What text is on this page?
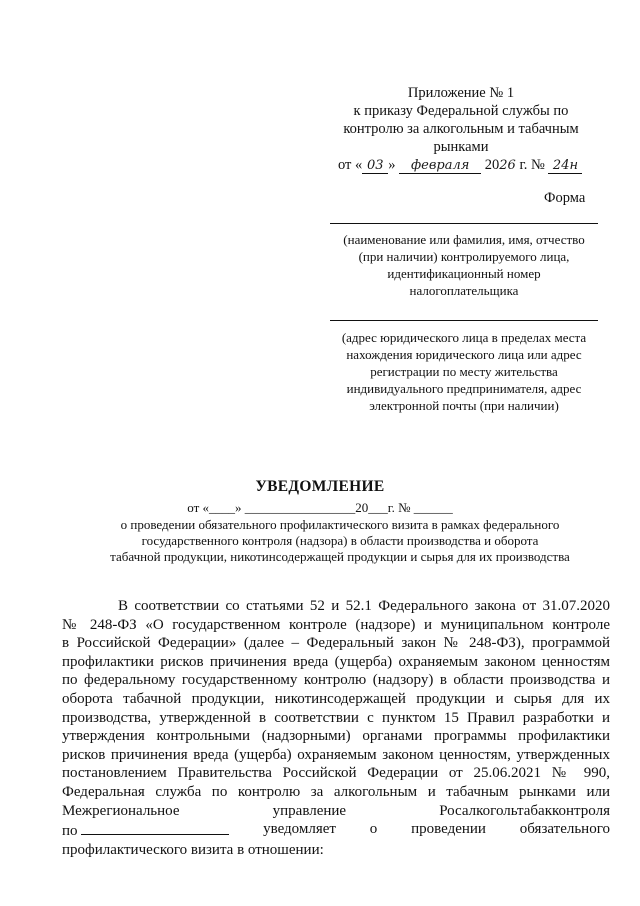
Приложение № 1
к приказу Федеральной службы по
контролю за алкогольным и табачным
рынками
от « 03 » февраля 2026 г. № 24н
Форма
(наименование или фамилия, имя, отчество
(при наличии) контролируемого лица,
идентификационный номер
налогоплательщика
(адрес юридического лица в пределах места
нахождения юридического лица или адрес
регистрации по месту жительства
индивидуального предпринимателя, адрес
электронной почты (при наличии)
УВЕДОМЛЕНИЕ
от «____» _________________20___г. № ______
о проведении обязательного профилактического визита в рамках федерального
государственного контроля (надзора) в области производства и оборота
табачной продукции, никотинсодержащей продукции и сырья для их производства
В соответствии со статьями 52 и 52.1 Федерального закона от 31.07.2020
№ 248-ФЗ «О государственном контроле (надзоре) и муниципальном контроле
в Российской Федерации» (далее – Федеральный закон № 248-ФЗ), программой
профилактики рисков причинения вреда (ущерба) охраняемым законом ценностям
по федеральному государственному контролю (надзору) в области производства и
оборота табачной продукции, никотинсодержащей продукции и сырья для их
производства, утвержденной в соответствии с пунктом 15 Правил разработки и
утверждения контрольными (надзорными) органами программы профилактики
рисков причинения вреда (ущерба) охраняемым законом ценностям, утвержденных
постановлением Правительства Российской Федерации от 25.06.2021 № 990,
Федеральная служба по контролю за алкогольным и табачным рынками или
Межрегиональное	управление	Росалкогольтабакконтроля
по	уведомляет о проведении обязательного
профилактического визита в отношении:
